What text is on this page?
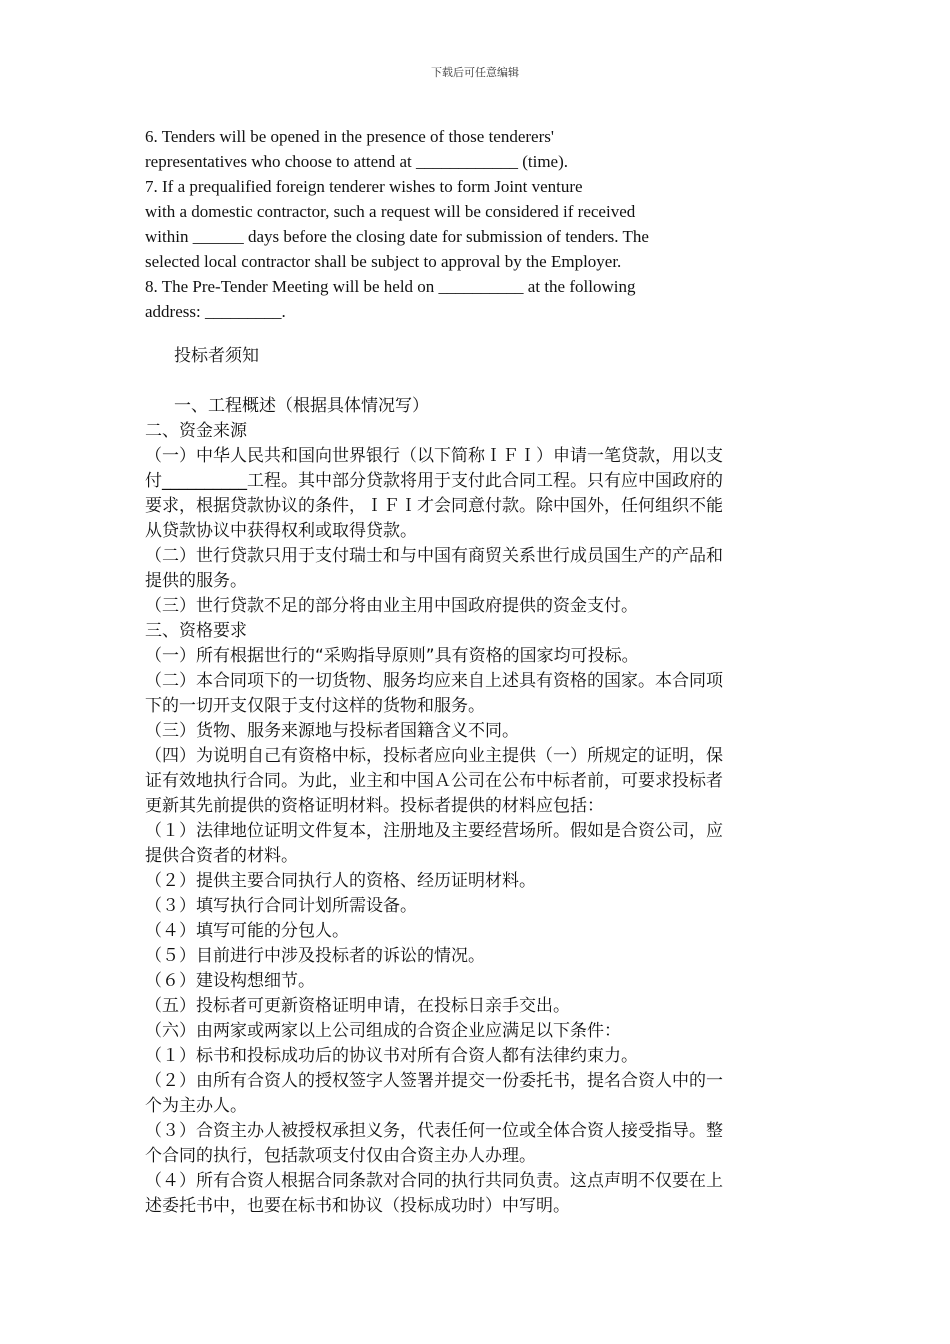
下载后可任意编辑
6. Tenders will be opened in the presence of those tenderers'
representatives who choose to attend at ____________ (time).
7. If a prequalified foreign tenderer wishes to form Joint venture
with a domestic contractor, such a request will be considered if received
within ______ days before the closing date for submission of tenders. The
selected local contractor shall be subject to approval by the Employer.
8. The Pre-Tender Meeting will be held on __________ at the following
address: _________.
投标者须知
一、工程概述（根据具体情况写）
二、资金来源
（一）中华人民共和国向世界银行（以下简称ＩＦＩ）申请一笔贷款，用以支
付__________工程。其中部分贷款将用于支付此合同工程。只有应中国政府的
要求，根据贷款协议的条件，ＩＦＩ才会同意付款。除中国外，任何组织不能
从贷款协议中获得权利或取得贷款。
（二）世行贷款只用于支付瑞士和与中国有商贸关系世行成员国生产的产品和
提供的服务。
（三）世行贷款不足的部分将由业主用中国政府提供的资金支付。
三、资格要求
（一）所有根据世行的“采购指导原则”具有资格的国家均可投标。
（二）本合同项下的一切货物、服务均应来自上述具有资格的国家。本合同项
下的一切开支仅限于支付这样的货物和服务。
（三）货物、服务来源地与投标者国籍含义不同。
（四）为说明自己有资格中标，投标者应向业主提供（一）所规定的证明，保
证有效地执行合同。为此，业主和中国Ａ公司在公布中标者前，可要求投标者
更新其先前提供的资格证明材料。投标者提供的材料应包括：
（１）法律地位证明文件复本，注册地及主要经营场所。假如是合资公司，应
提供合资者的材料。
（２）提供主要合同执行人的资格、经历证明材料。
（３）填写执行合同计划所需设备。
（４）填写可能的分包人。
（５）目前进行中涉及投标者的诉讼的情况。
（６）建设构想细节。
（五）投标者可更新资格证明申请，在投标日亲手交出。
（六）由两家或两家以上公司组成的合资企业应满足以下条件：
（１）标书和投标成功后的协议书对所有合资人都有法律约束力。
（２）由所有合资人的授权签字人签署并提交一份委托书，提名合资人中的一
个为主办人。
（３）合资主办人被授权承担义务，代表任何一位或全体合资人接受指导。整
个合同的执行，包括款项支付仅由合资主办人办理。
（４）所有合资人根据合同条款对合同的执行共同负责。这点声明不仅要在上
述委托书中，也要在标书和协议（投标成功时）中写明。
